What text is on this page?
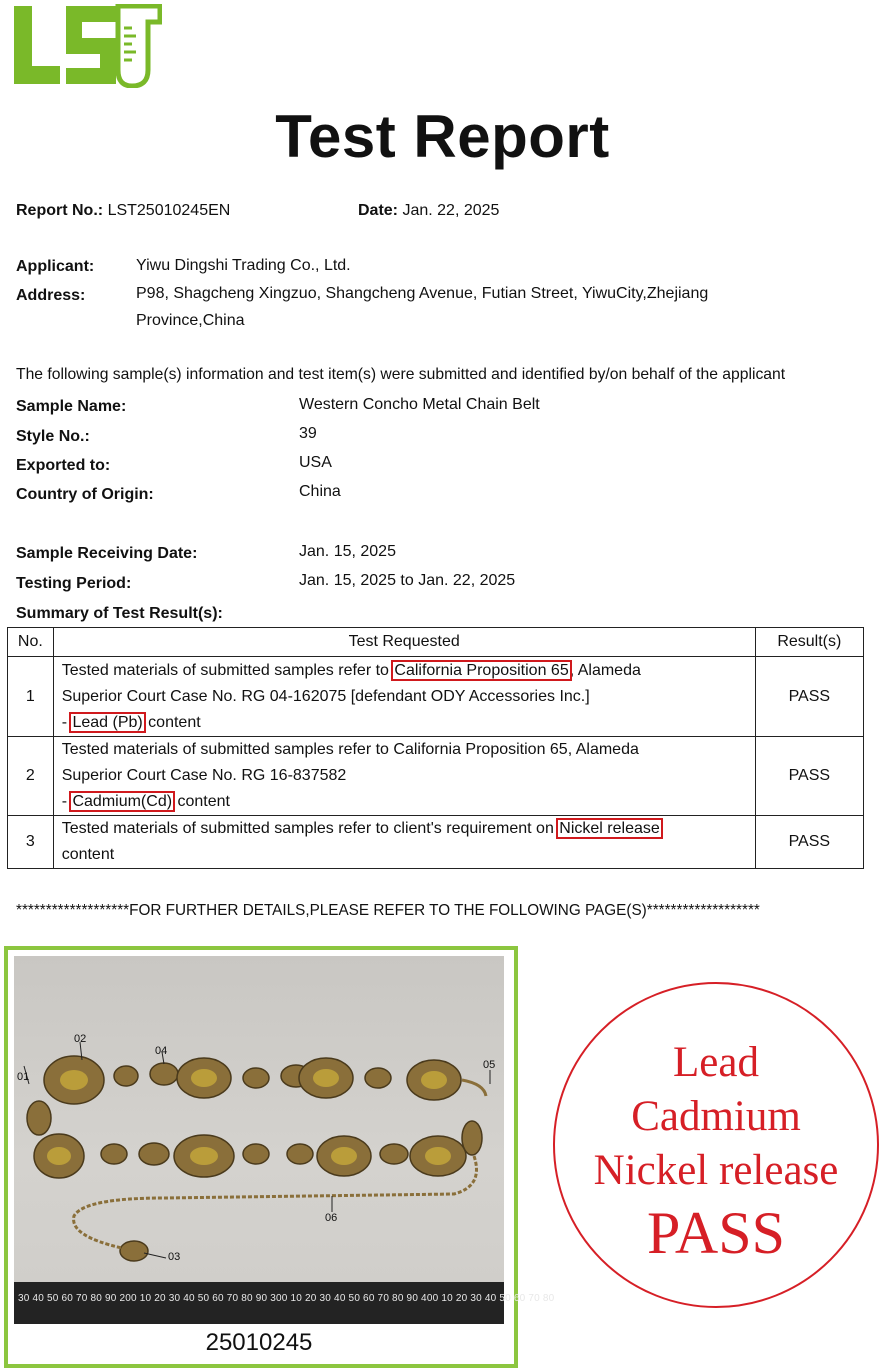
Test Report
Report No.: LST25010245EN	Date: Jan. 22, 2025
Applicant:	Yiwu Dingshi Trading Co., Ltd.
Address:	P98, Shagcheng Xingzuo, Shangcheng Avenue, Futian Street, YiwuCity,Zhejiang
Province,China
The following sample(s) information and test item(s) were submitted and identified by/on behalf of the applicant
Sample Name:	Western Concho Metal Chain Belt
Style No.:	39
Exported to:	USA
Country of Origin:	China
Sample Receiving Date:	Jan. 15, 2025
Testing Period:	Jan. 15, 2025 to Jan. 22, 2025
Summary of Test Result(s):
No.	Test Requested	Result(s)
1	Tested materials of submitted samples refer to California Proposition 65, Alameda
Superior Court Case No. RG 04-162075 [defendant ODY Accessories Inc.]
- Lead (Pb) content	PASS
2	Tested materials of submitted samples refer to California Proposition 65, Alameda
Superior Court Case No. RG 16-837582
- Cadmium(Cd) content	PASS
3	Tested materials of submitted samples refer to client's requirement on Nickel release
content	PASS
*******************FOR FURTHER DETAILS,PLEASE REFER TO THE FOLLOWING PAGE(S)*******************
01
02
04
05
06
03
30 40 50 60 70 80 90 200 10 20 30 40 50 60 70 80 90 300 10 20 30 40 50 60 70 80 90 400 10 20 30 40 50 60 70 80
25010245
Lead
Cadmium
Nickel release
PASS
